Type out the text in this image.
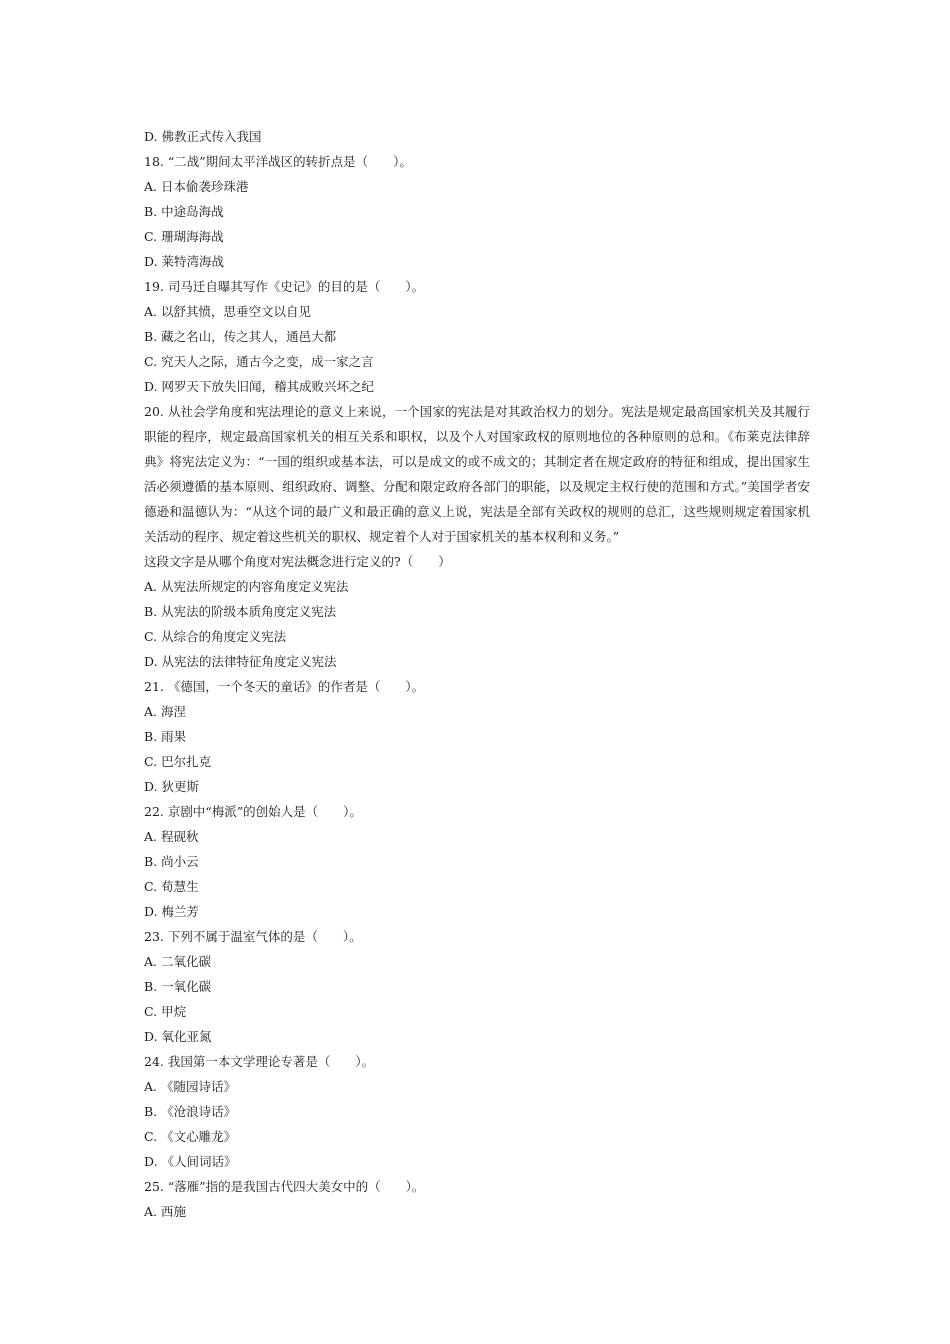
D. 佛教正式传入我国
18. “二战”期间太平洋战区的转折点是（　　）。
A. 日本偷袭珍珠港
B. 中途岛海战
C. 珊瑚海海战
D. 莱特湾海战
19. 司马迁自曝其写作《史记》的目的是（　　）。
A. 以舒其愤，思垂空文以自见
B. 藏之名山，传之其人，通邑大都
C. 究天人之际，通古今之变，成一家之言
D. 网罗天下放失旧闻，稽其成败兴坏之纪
20. 从社会学角度和宪法理论的意义上来说，一个国家的宪法是对其政治权力的划分。宪法是规定最高国家机关及其履行职能的程序，规定最高国家机关的相互关系和职权，以及个人对国家政权的原则地位的各种原则的总和。《布莱克法律辞典》将宪法定义为：“一国的组织或基本法，可以是成文的或不成文的；其制定者在规定政府的特征和组成，提出国家生活必须遵循的基本原则、组织政府、调整、分配和限定政府各部门的职能，以及规定主权行使的范围和方式。”美国学者安德逊和温德认为：“从这个词的最广义和最正确的意义上说，宪法是全部有关政权的规则的总汇，这些规则规定着国家机关活动的程序、规定着这些机关的职权、规定着个人对于国家机关的基本权利和义务。”
这段文字是从哪个角度对宪法概念进行定义的?（　　）
A. 从宪法所规定的内容角度定义宪法
B. 从宪法的阶级本质角度定义宪法
C. 从综合的角度定义宪法
D. 从宪法的法律特征角度定义宪法
21. 《德国，一个冬天的童话》的作者是（　　）。
A. 海涅
B. 雨果
C. 巴尔扎克
D. 狄更斯
22. 京剧中“梅派”的创始人是（　　）。
A. 程砚秋
B. 尚小云
C. 荀慧生
D. 梅兰芳
23. 下列不属于温室气体的是（　　）。
A. 二氧化碳
B. 一氧化碳
C. 甲烷
D. 氧化亚氮
24. 我国第一本文学理论专著是（　　）。
A. 《随园诗话》
B. 《沧浪诗话》
C. 《文心雕龙》
D. 《人间词话》
25. “落雁”指的是我国古代四大美女中的（　　）。
A. 西施
